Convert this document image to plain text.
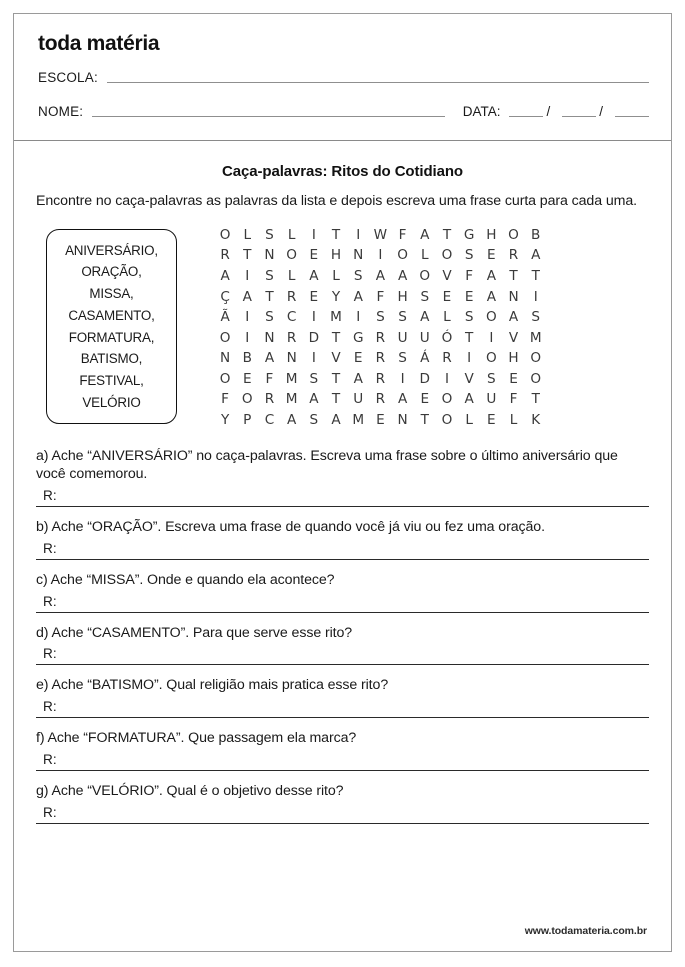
toda matéria
ESCOLA:
NOME:	DATA:	/	/
Caça-palavras: Ritos do Cotidiano
Encontre no caça-palavras as palavras da lista e depois escreva uma frase curta para cada uma.
ANIVERSÁRIO,
ORAÇÃO,
MISSA,
CASAMENTO,
FORMATURA,
BATISMO,
FESTIVAL,
VELÓRIO
O L	S	L	I	T	I W F	A T G H O B
R T N O E H N	I	O L O S E R A
A	I	S	L	A	L	S A A O V	F	A T	T
Ç A T R E	Y A	F H S E E A N	I
Ã	I	S C	I	M	I	S S A	L	S O A S
O	I	N R D T G R U U Ó T	I	V M
N B A N	I	V E R S Á R	I	O H O
O E	F M S	T A R	I	D	I	V S E O
F O R M A T U R A E O A U F	T
Y	P C A S A M E N T O L	E	L	K
a) Ache “ANIVERSÁRIO” no caça-palavras. Escreva uma frase sobre o último aniversário que você comemorou.
R:
b) Ache “ORAÇÃO”. Escreva uma frase de quando você já viu ou fez uma oração.
R:
c) Ache “MISSA”. Onde e quando ela acontece?
R:
d) Ache “CASAMENTO”. Para que serve esse rito?
R:
e) Ache “BATISMO”. Qual religião mais pratica esse rito?
R:
f) Ache “FORMATURA”. Que passagem ela marca?
R:
g) Ache “VELÓRIO”. Qual é o objetivo desse rito?
R:
www.todamateria.com.br
